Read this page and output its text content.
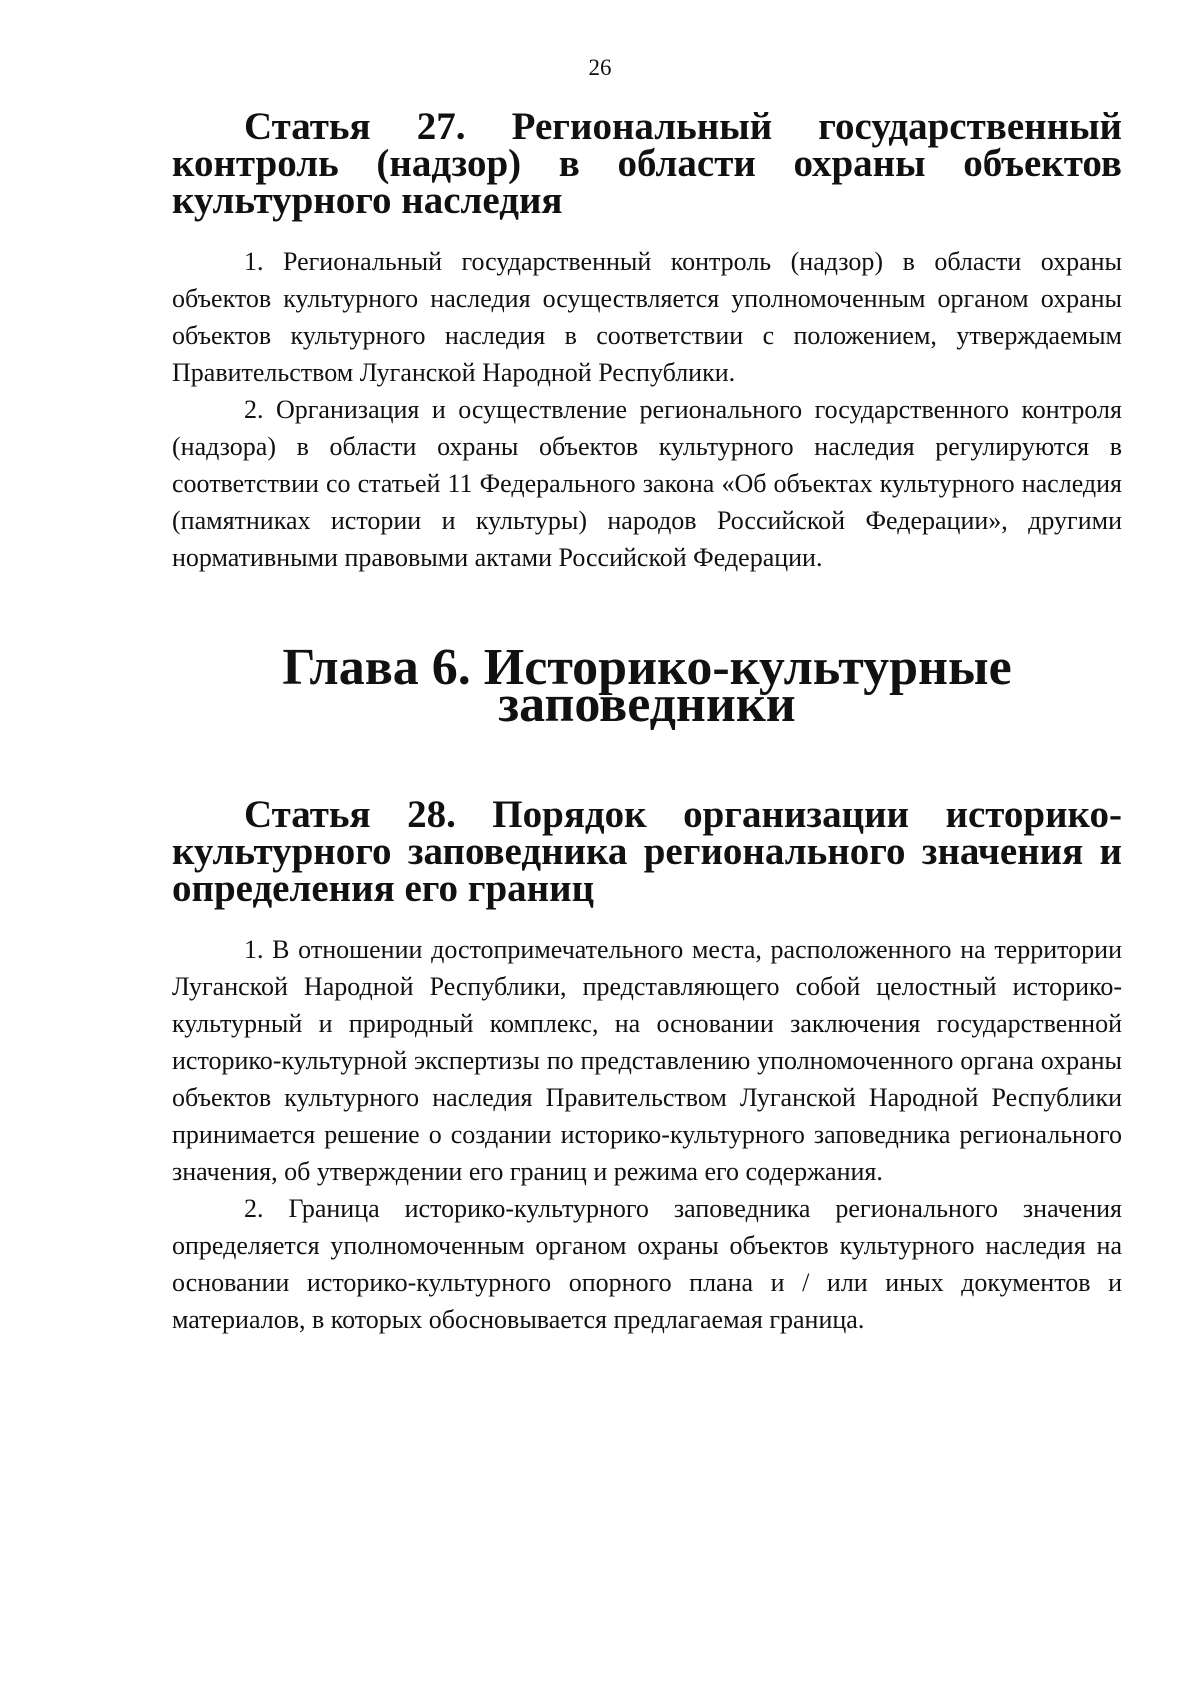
26
Статья 27. Региональный государственный контроль (надзор) в области охраны объектов культурного наследия

1. Региональный государственный контроль (надзор) в области охраны объектов культурного наследия осуществляется уполномоченным органом охраны объектов культурного наследия в соответствии с положением, утверждаемым Правительством Луганской Народной Республики.

2. Организация и осуществление регионального государственного контроля (надзора) в области охраны объектов культурного наследия регулируются в соответствии со статьей 11 Федерального закона «Об объектах культурного наследия (памятниках истории и культуры) народов Российской Федерации», другими нормативными правовыми актами Российской Федерации.

Глава 6. Историко-культурные заповедники
Статья 28. Порядок организации историко-культурного заповедника регионального значения и определения его границ

1. В отношении достопримечательного места, расположенного на территории Луганской Народной Республики, представляющего собой целостный историко-культурный и природный комплекс, на основании заключения государственной историко-культурной экспертизы по представлению уполномоченного органа охраны объектов культурного наследия Правительством Луганской Народной Республики принимается решение о создании историко-культурного заповедника регионального значения, об утверждении его границ и режима его содержания.

2. Граница историко-культурного заповедника регионального значения определяется уполномоченным органом охраны объектов культурного наследия на основании историко-культурного опорного плана и / или иных документов и материалов, в которых обосновывается предлагаемая граница.
